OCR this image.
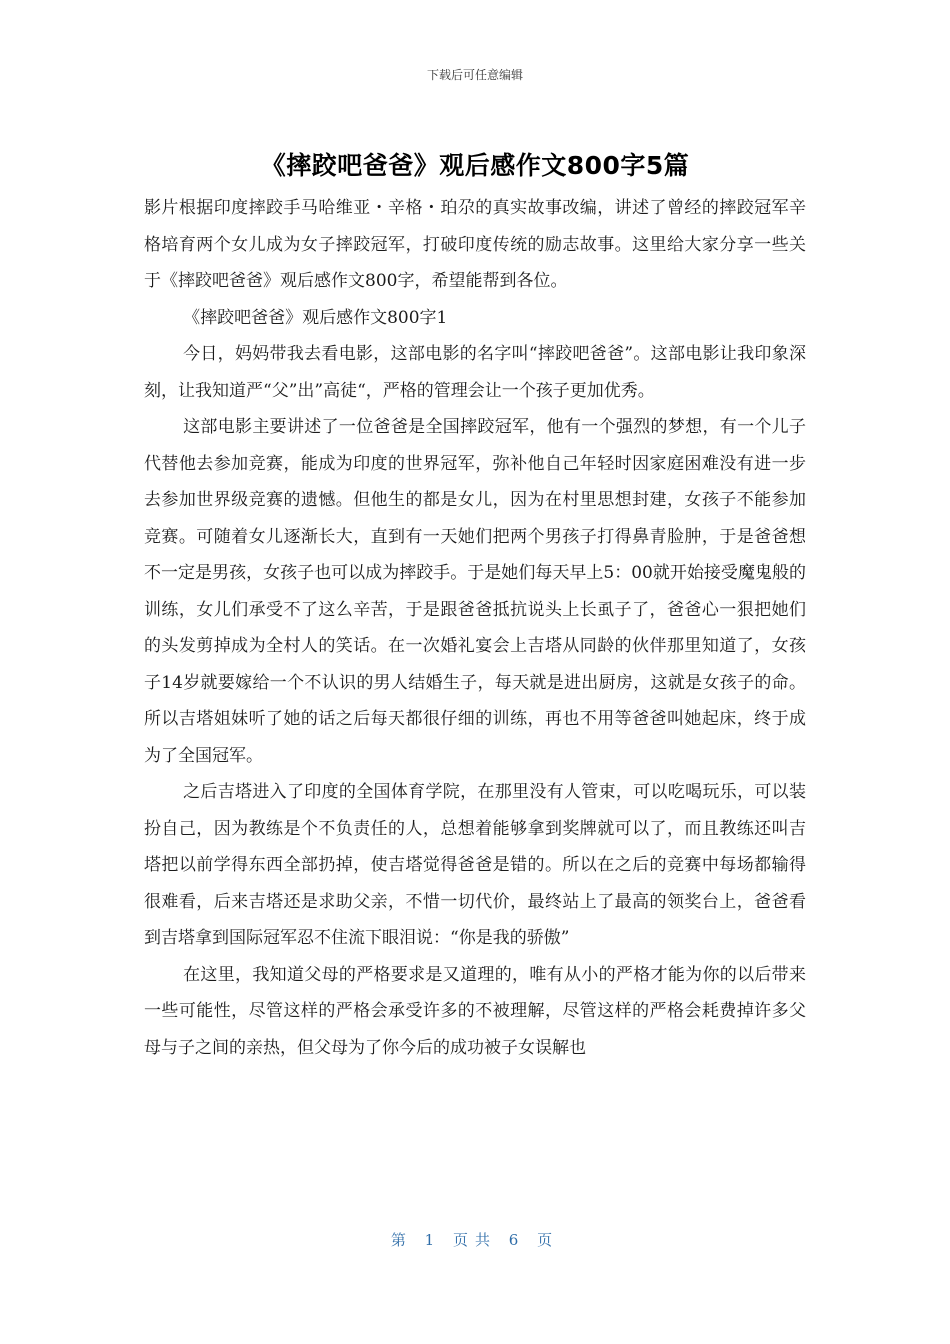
下载后可任意编辑
《摔跤吧爸爸》观后感作文800字5篇

影片根据印度摔跤手马哈维亚・辛格・珀尕的真实故事改编，讲述了曾经的摔跤冠军辛格培育两个女儿成为女子摔跤冠军，打破印度传统的励志故事。这里给大家分享一些关于《摔跤吧爸爸》观后感作文800字，希望能帮到各位。

《摔跤吧爸爸》观后感作文800字1

今日，妈妈带我去看电影，这部电影的名字叫“摔跤吧爸爸”。这部电影让我印象深刻，让我知道严“父”出”高徒“，严格的管理会让一个孩子更加优秀。

这部电影主要讲述了一位爸爸是全国摔跤冠军，他有一个强烈的梦想，有一个儿子代替他去参加竞赛，能成为印度的世界冠军，弥补他自己年轻时因家庭困难没有进一步去参加世界级竞赛的遗憾。但他生的都是女儿，因为在村里思想封建，女孩子不能参加竞赛。可随着女儿逐渐长大，直到有一天她们把两个男孩子打得鼻青脸肿，于是爸爸想不一定是男孩，女孩子也可以成为摔跤手。于是她们每天早上5：00就开始接受魔鬼般的训练，女儿们承受不了这么辛苦，于是跟爸爸抵抗说头上长虱子了，爸爸心一狠把她们的头发剪掉成为全村人的笑话。在一次婚礼宴会上吉塔从同龄的伙伴那里知道了，女孩子14岁就要嫁给一个不认识的男人结婚生子，每天就是进出厨房，这就是女孩子的命。所以吉塔姐妹听了她的话之后每天都很仔细的训练，再也不用等爸爸叫她起床，终于成为了全国冠军。

之后吉塔进入了印度的全国体育学院，在那里没有人管束，可以吃喝玩乐，可以装扮自己，因为教练是个不负责任的人，总想着能够拿到奖牌就可以了，而且教练还叫吉塔把以前学得东西全部扔掉，使吉塔觉得爸爸是错的。所以在之后的竞赛中每场都输得很难看，后来吉塔还是求助父亲，不惜一切代价，最终站上了最高的领奖台上，爸爸看到吉塔拿到国际冠军忍不住流下眼泪说：“你是我的骄傲”

在这里，我知道父母的严格要求是又道理的，唯有从小的严格才能为你的以后带来一些可能性，尽管这样的严格会承受许多的不被理解，尽管这样的严格会耗费掉许多父母与子之间的亲热，但父母为了你今后的成功被子女误解也

第 1 页共 6 页
